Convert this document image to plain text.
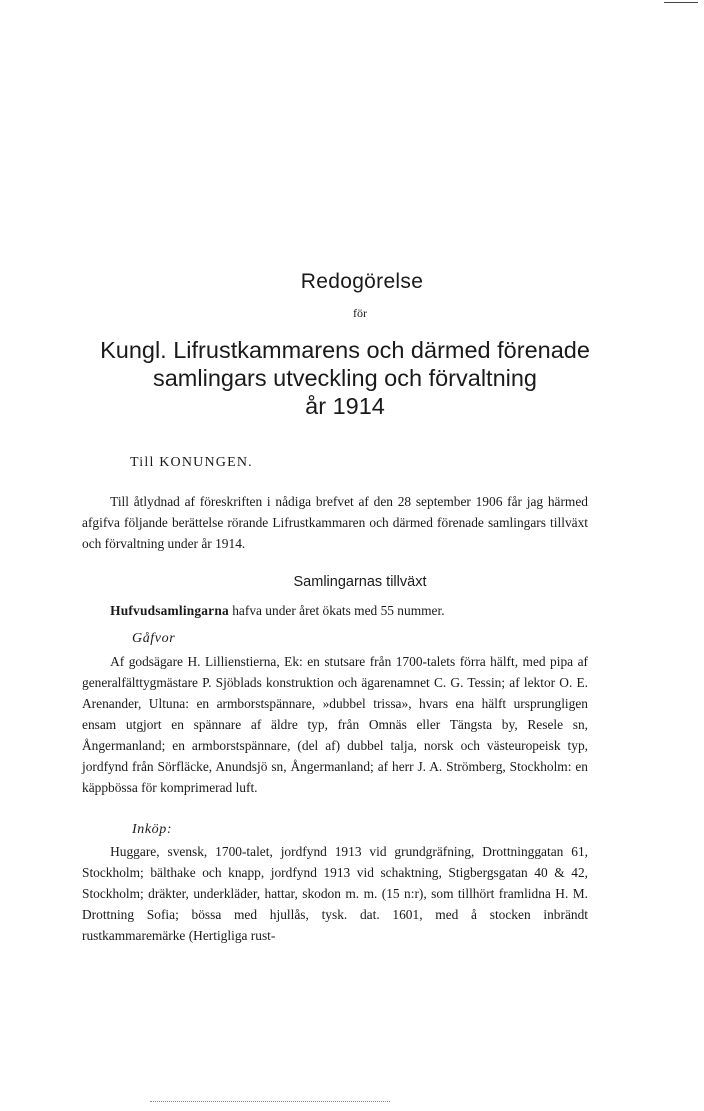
Redogörelse
för
Kungl. Lifrustkammarens och därmed förenade
samlingars utveckling och förvaltning
år 1914
Till KONUNGEN.

Till åtlydnad af föreskriften i nådiga brefvet af den 28 september 1906 får jag härmed afgifva följande berättelse rörande Lifrustkammaren och därmed förenade samlingars tillväxt och förvaltning under år 1914.

Samlingarnas tillväxt

Hufvudsamlingarna hafva under året ökats med 55 nummer.

Gåfvor

Af godsägare H. Lillienstierna, Ek: en stutsare från 1700-talets förra hälft, med pipa af generalfälttygmästare P. Sjöblads konstruktion och ägarenamnet C. G. Tessin; af lektor O. E. Arenander, Ultuna: en armborstspännare, »dubbel trissa», hvars ena hälft ursprungligen ensam utgjort en spännare af äldre typ, från Omnäs eller Tängsta by, Resele sn, Ångermanland; en armborstspännare, (del af) dubbel talja, norsk och västeuropeisk typ, jordfynd från Sörfläcke, Anundsjö sn, Ångermanland; af herr J. A. Strömberg, Stockholm: en käppbössa för komprimerad luft.

Inköp:

Huggare, svensk, 1700-talet, jordfynd 1913 vid grundgräfning, Drottninggatan 61, Stockholm; bälthake och knapp, jordfynd 1913 vid schaktning, Stigbergsgatan 40 & 42, Stockholm; dräkter, underkläder, hattar, skodon m. m. (15 n:r), som tillhört framlidna H. M. Drottning Sofia; bössa med hjullås, tysk. dat. 1601, med å stocken inbrändt rustkammaremärke (Hertigliga rust-
